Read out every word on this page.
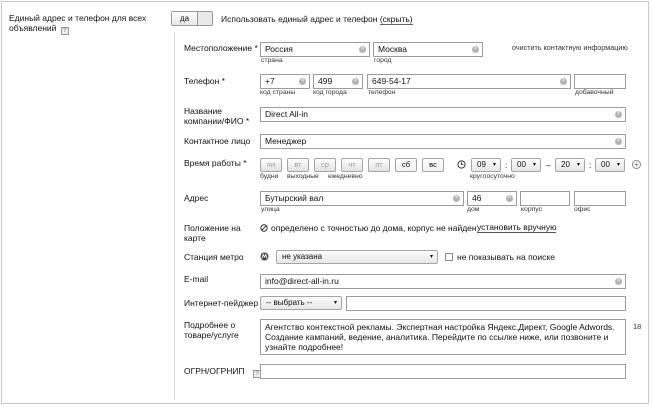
Единый адрес и телефон для всех объявлений ?
да	Использовать единый адрес и телефон (скрыть)
Местоположение * Россия	×
страна
Москва	×
город
очистить контактную информацию
Телефон *	+7	×
код страны
499	×
код города
649-54-17	×
телефон	добавочный
Название компании/ФИО *
Direct All-in	×
Контактное лицо	Менеджер	×
Время работы *	пн	вт	ср	чт	пт	сб	вс
будни выходные ежедневно
09 ▾ :	00 ▾ –	20 ▾ :	00 ▾ +
круглосуточно
Адрес	Бутырский вал	×
улица
46	×
дом	корпус	офис
Положение на карте
определено с точностью до дома, корпус не найден установить вручную
Станция метро	не указана	▾	не показывать на поиске
E-mail	info@direct-all-in.ru	×
Интернет-пейджер -- выбрать --	▾
Подробнее о товаре/услуге
Агентство контекстной рекламы. Экспертная настройка Яндекс.Директ, Google Adwords. Создание кампаний, ведение, аналитика. Перейдите по ссылке ниже, или позвоните и узнайте подробнее!
18
ОГРН/ОГРНИП ?
